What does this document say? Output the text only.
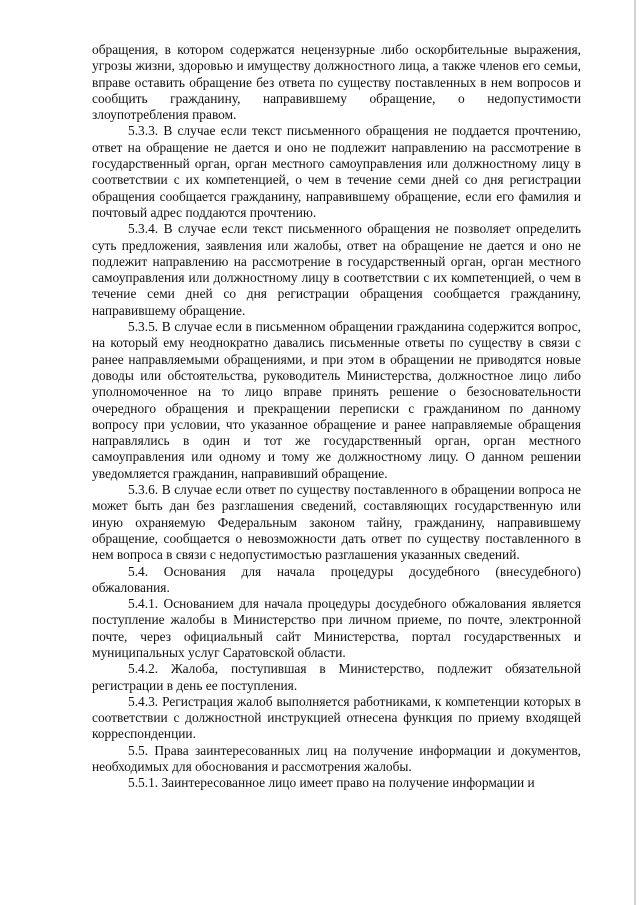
обращения, в котором содержатся нецензурные либо оскорбительные выражения, угрозы жизни, здоровью и имуществу должностного лица, а также членов его семьи, вправе оставить обращение без ответа по существу поставленных в нем вопросов и сообщить гражданину, направившему обращение, о недопустимости злоупотребления правом.

5.3.3. В случае если текст письменного обращения не поддается прочтению, ответ на обращение не дается и оно не подлежит направлению на рассмотрение в государственный орган, орган местного самоуправления или должностному лицу в соответствии с их компетенцией, о чем в течение семи дней со дня регистрации обращения сообщается гражданину, направившему обращение, если его фамилия и почтовый адрес поддаются прочтению.

5.3.4. В случае если текст письменного обращения не позволяет определить суть предложения, заявления или жалобы, ответ на обращение не дается и оно не подлежит направлению на рассмотрение в государственный орган, орган местного самоуправления или должностному лицу в соответствии с их компетенцией, о чем в течение семи дней со дня регистрации обращения сообщается гражданину, направившему обращение.

5.3.5. В случае если в письменном обращении гражданина содержится вопрос, на который ему неоднократно давались письменные ответы по существу в связи с ранее направляемыми обращениями, и при этом в обращении не приводятся новые доводы или обстоятельства, руководитель Министерства, должностное лицо либо уполномоченное на то лицо вправе принять решение о безосновательности очередного обращения и прекращении переписки с гражданином по данному вопросу при условии, что указанное обращение и ранее направляемые обращения направлялись в один и тот же государственный орган, орган местного самоуправления или одному и тому же должностному лицу. О данном решении уведомляется гражданин, направивший обращение.

5.3.6. В случае если ответ по существу поставленного в обращении вопроса не может быть дан без разглашения сведений, составляющих государственную или иную охраняемую Федеральным законом тайну, гражданину, направившему обращение, сообщается о невозможности дать ответ по существу поставленного в нем вопроса в связи с недопустимостью разглашения указанных сведений.

5.4. Основания для начала процедуры досудебного (внесудебного) обжалования.

5.4.1. Основанием для начала процедуры досудебного обжалования является поступление жалобы в Министерство при личном приеме, по почте, электронной почте, через официальный сайт Министерства, портал государственных и муниципальных услуг Саратовской области.

5.4.2. Жалоба, поступившая в Министерство, подлежит обязательной регистрации в день ее поступления.

5.4.3. Регистрация жалоб выполняется работниками, к компетенции которых в соответствии с должностной инструкцией отнесена функция по приему входящей корреспонденции.

5.5. Права заинтересованных лиц на получение информации и документов, необходимых для обоснования и рассмотрения жалобы.

5.5.1. Заинтересованное лицо имеет право на получение информации и
